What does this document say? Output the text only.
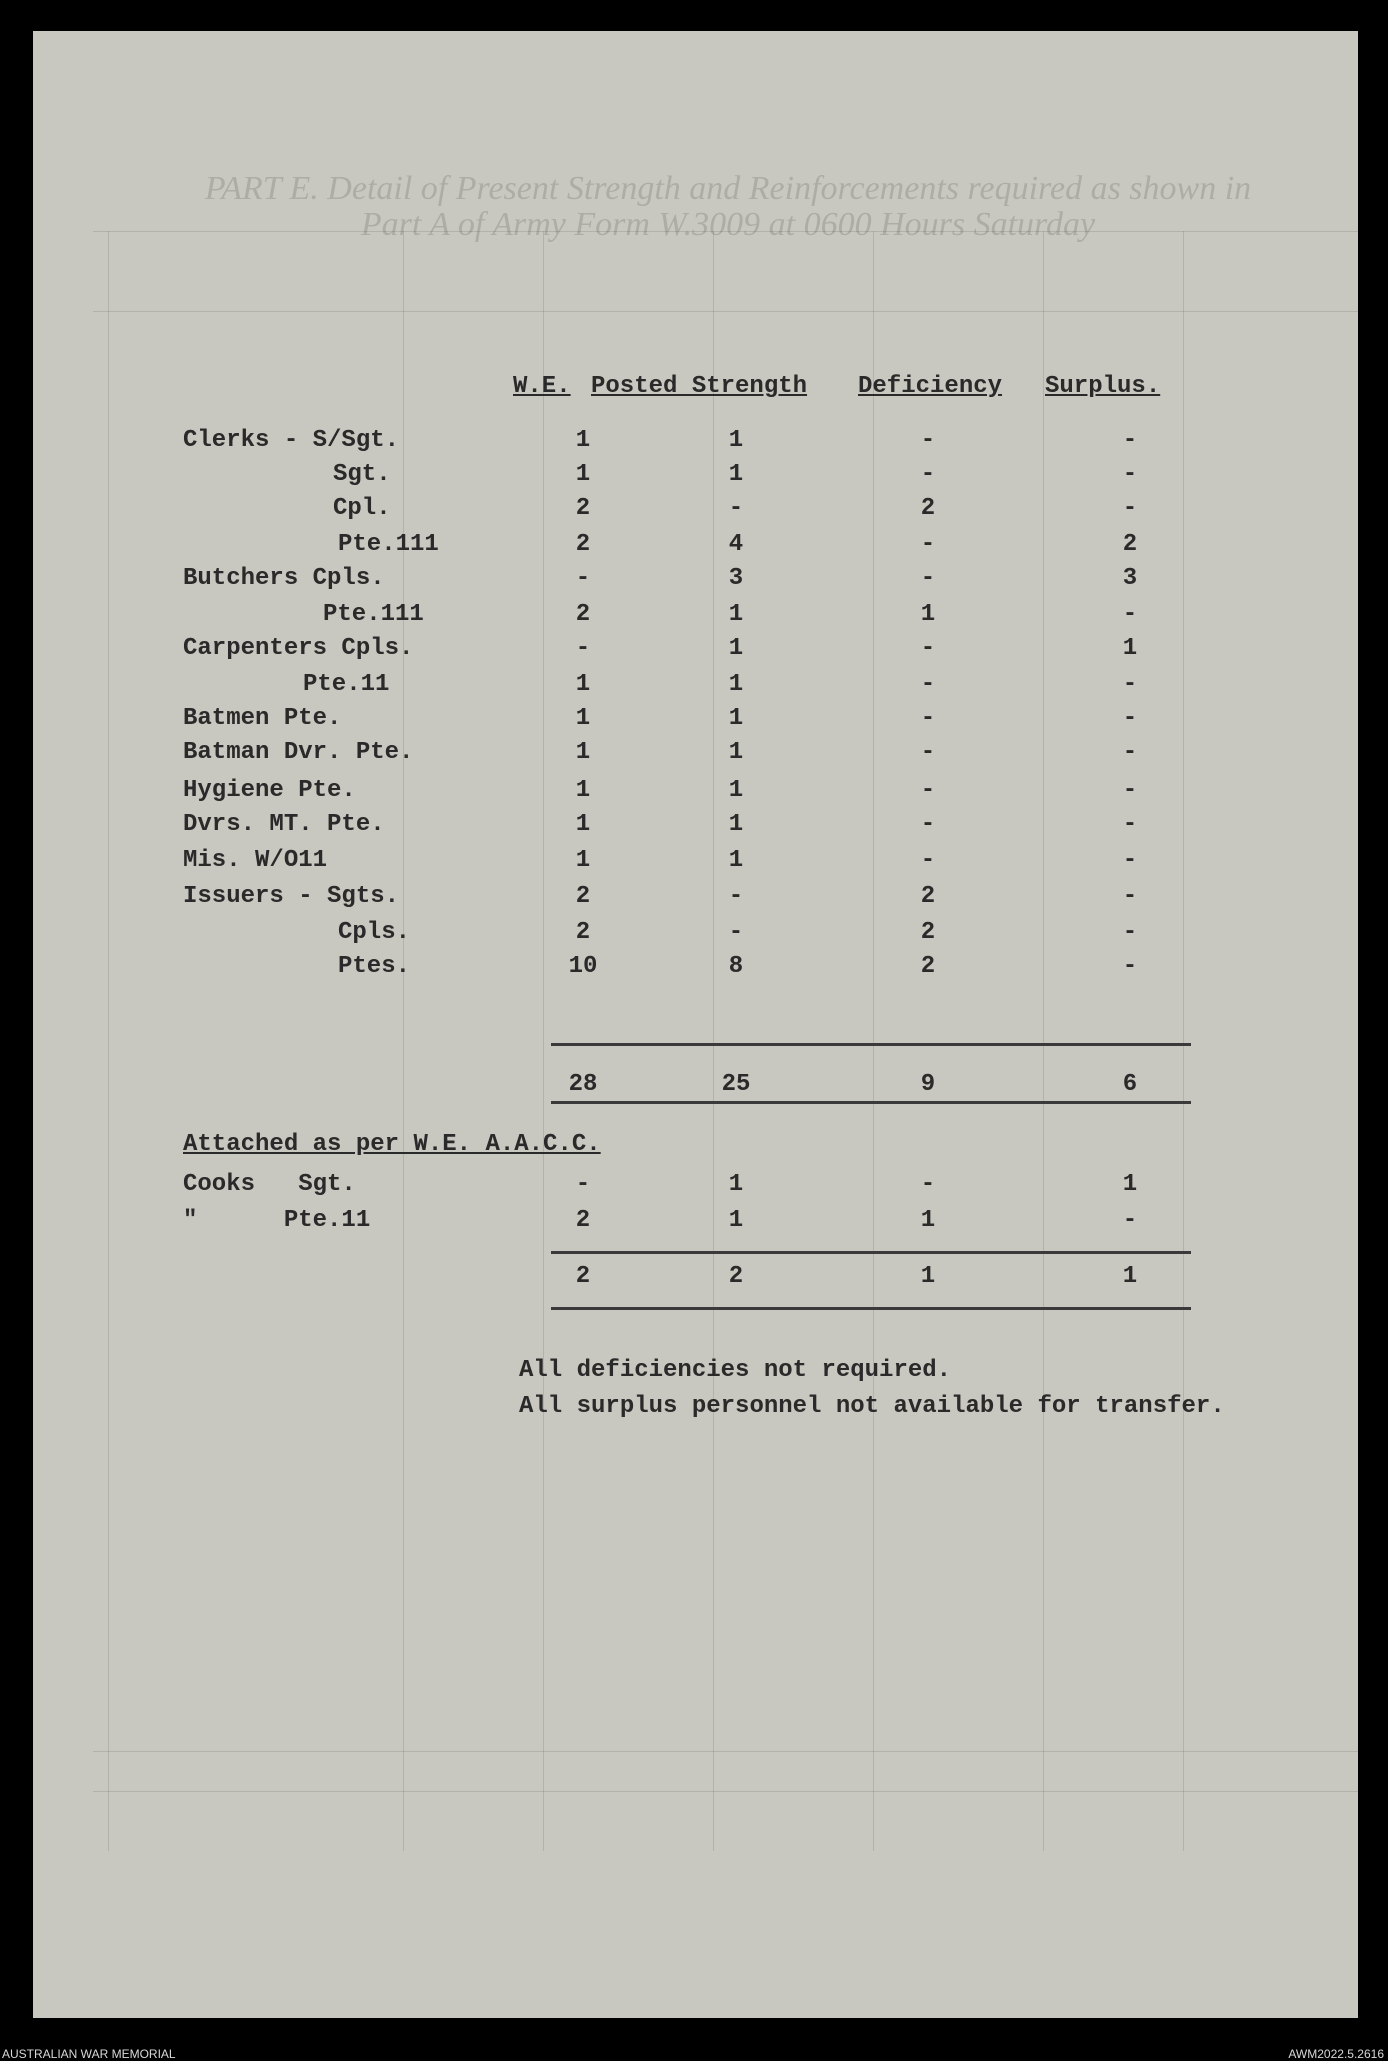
PART E. Detail of Present Strength and Reinforcements required as shown in
Part A of Army Form W.3009 at 0600 Hours Saturday
W.E. Posted Strength Deficiency Surplus.
Clerks - S/Sgt.	1	1	-	-
Sgt.	1	1	-	-
Cpl.	2	-	2	-
Pte.111	2	4	-	2
Butchers Cpls.	-	3	-	3
Pte.111	2	1	1	-
Carpenters Cpls.	-	1	-	1
Pte.11	1	1	-	-
Batmen Pte.	1	1	-	-
Batman Dvr. Pte.	1	1	-	-
Hygiene Pte.	1	1	-	-
Dvrs. MT. Pte.	1	1	-	-
Mis. W/O11	1	1	-	-
Issuers - Sgts.	2	-	2	-
Cpls.	2	-	2	-
Ptes.	10	8	2	-
28	25	9	6
Attached as per W.E. A.A.C.C.
Cooks   Sgt.	-	1	-	1
"      Pte.11	2	1	1	-
2	2	1	1
All deficiencies not required.
All surplus personnel not available for transfer.
AUSTRALIAN WAR MEMORIAL	AWM2022.5.2616
